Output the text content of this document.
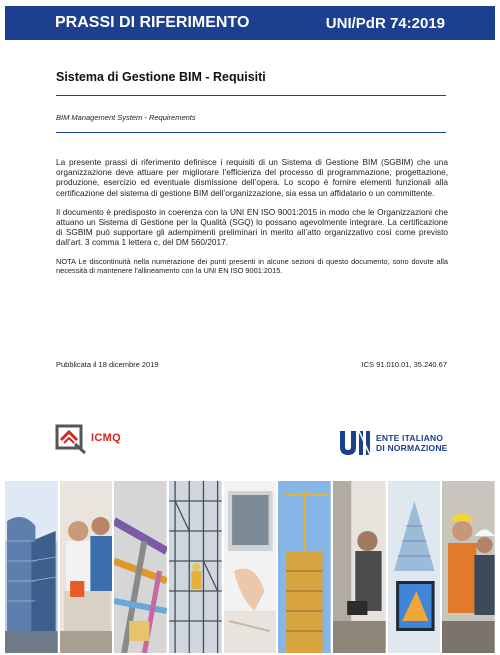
PRASSI DI RIFERIMENTO	UNI/PdR 74:2019
Sistema di Gestione BIM - Requisiti
BIM Management System - Requirements

La presente prassi di riferimento definisce i requisiti di un Sistema di Gestione BIM (SGBIM) che una organizzazione deve attuare per migliorare l’efficienza del processo di programmazione, progettazione, produzione, esercizio ed eventuale dismissione dell’opera. Lo scopo è fornire elementi funzionali alla certificazione del sistema di gestione BIM dell’organizzazione, sia essa un affidatario o un committente.

Il documento è predisposto in coerenza con la UNI EN ISO 9001:2015 in modo che le Organizzazioni che attuano un Sistema di Gestione per la Qualità (SGQ) lo possano agevolmente integrare. La certificazione di SGBIM può supportare gli adempimenti preliminari in merito all’atto organizzativo così come previsto dall’art. 3 comma 1 lettera c, del DM 560/2017.

NOTA Le discontinuità nella numerazione dei punti presenti in alcune sezioni di questo documento, sono dovute alla necessità di mantenere l’allineamento con la UNI EN ISO 9001:2015.

Pubblicata il 18 dicembre 2019	ICS 91.010.01, 35.240.67
ICMQ	ENTE ITALIANO
DI NORMAZIONE
